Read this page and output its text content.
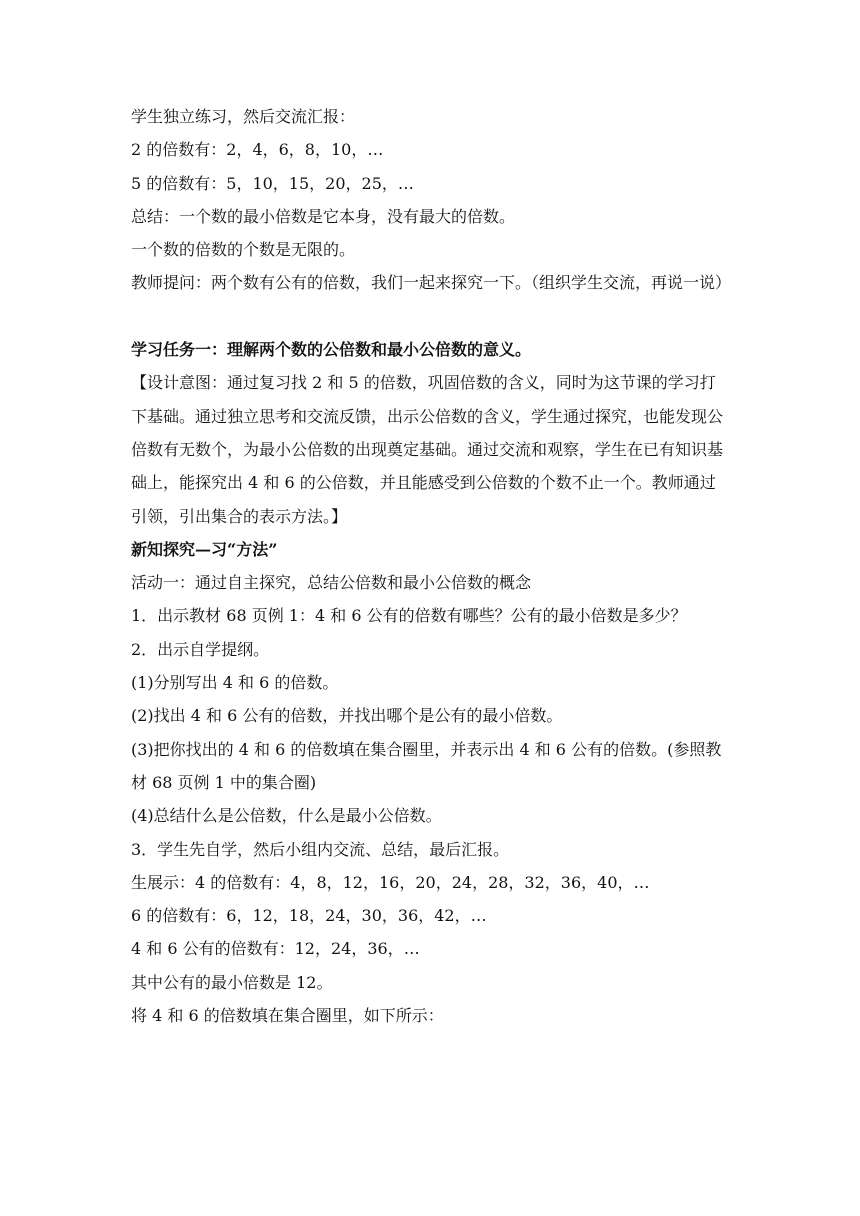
学生独立练习，然后交流汇报：
2 的倍数有：2，4，6，8，10，…
5 的倍数有：5，10，15，20，25，…
总结：一个数的最小倍数是它本身，没有最大的倍数。
一个数的倍数的个数是无限的。
教师提问：两个数有公有的倍数，我们一起来探究一下。（组织学生交流，再说一说）
学习任务一：理解两个数的公倍数和最小公倍数的意义。
【设计意图：通过复习找 2 和 5 的倍数，巩固倍数的含义，同时为这节课的学习打下基础。通过独立思考和交流反馈，出示公倍数的含义，学生通过探究，也能发现公倍数有无数个，为最小公倍数的出现奠定基础。通过交流和观察，学生在已有知识基础上，能探究出 4 和 6 的公倍数，并且能感受到公倍数的个数不止一个。教师通过引领，引出集合的表示方法。】
新知探究—习“方法”
活动一：通过自主探究，总结公倍数和最小公倍数的概念
1．出示教材 68 页例 1：4 和 6 公有的倍数有哪些？公有的最小倍数是多少？
2．出示自学提纲。
(1)分别写出 4 和 6 的倍数。
(2)找出 4 和 6 公有的倍数，并找出哪个是公有的最小倍数。
(3)把你找出的 4 和 6 的倍数填在集合圈里，并表示出 4 和 6 公有的倍数。(参照教材 68 页例 1 中的集合圈)
(4)总结什么是公倍数，什么是最小公倍数。
3．学生先自学，然后小组内交流、总结，最后汇报。
生展示：4 的倍数有：4，8，12，16，20，24，28，32，36，40，…
6 的倍数有：6，12，18，24，30，36，42，…
4 和 6 公有的倍数有：12，24，36，…
其中公有的最小倍数是 12。
将 4 和 6 的倍数填在集合圈里，如下所示：
